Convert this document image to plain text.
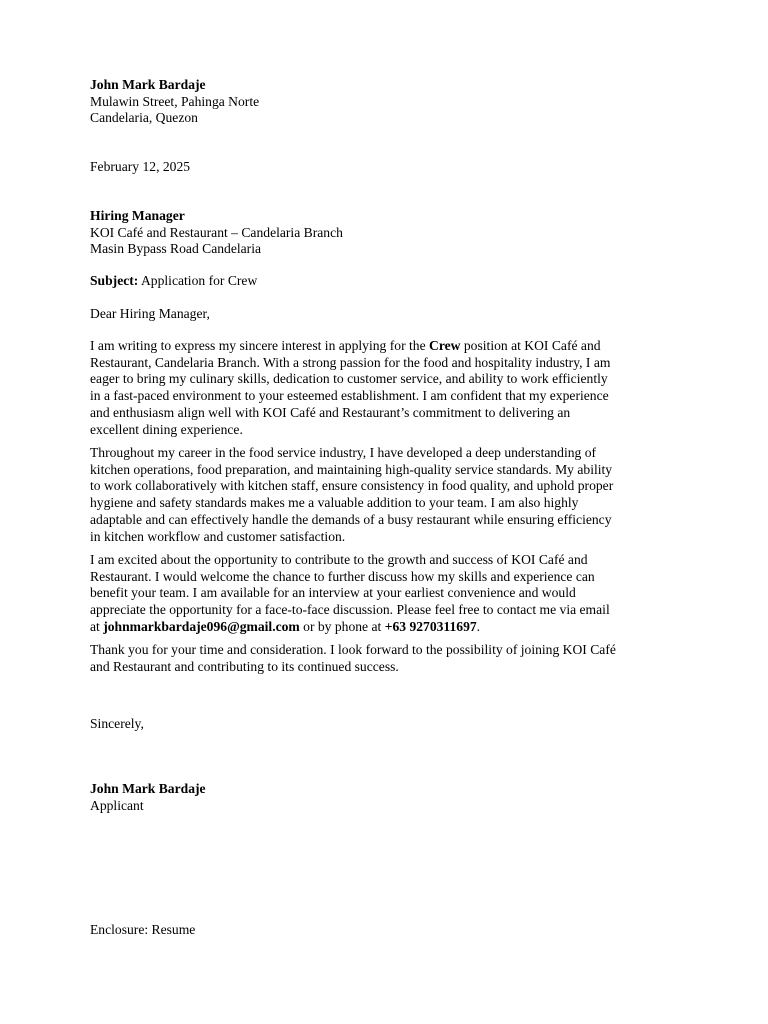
John Mark Bardaje
Mulawin Street, Pahinga Norte
Candelaria, Quezon
February 12, 2025
Hiring Manager
KOI Café and Restaurant – Candelaria Branch
Masin Bypass Road Candelaria
Subject: Application for Crew
Dear Hiring Manager,
I am writing to express my sincere interest in applying for the Crew position at KOI Café and
Restaurant, Candelaria Branch. With a strong passion for the food and hospitality industry, I am
eager to bring my culinary skills, dedication to customer service, and ability to work efficiently
in a fast-paced environment to your esteemed establishment. I am confident that my experience
and enthusiasm align well with KOI Café and Restaurant’s commitment to delivering an
excellent dining experience.
Throughout my career in the food service industry, I have developed a deep understanding of
kitchen operations, food preparation, and maintaining high-quality service standards. My ability
to work collaboratively with kitchen staff, ensure consistency in food quality, and uphold proper
hygiene and safety standards makes me a valuable addition to your team. I am also highly
adaptable and can effectively handle the demands of a busy restaurant while ensuring efficiency
in kitchen workflow and customer satisfaction.
I am excited about the opportunity to contribute to the growth and success of KOI Café and
Restaurant. I would welcome the chance to further discuss how my skills and experience can
benefit your team. I am available for an interview at your earliest convenience and would
appreciate the opportunity for a face-to-face discussion. Please feel free to contact me via email
at johnmarkbardaje096@gmail.com or by phone at +63 9270311697.
Thank you for your time and consideration. I look forward to the possibility of joining KOI Café
and Restaurant and contributing to its continued success.
Sincerely,
John Mark Bardaje
Applicant
Enclosure: Resume
